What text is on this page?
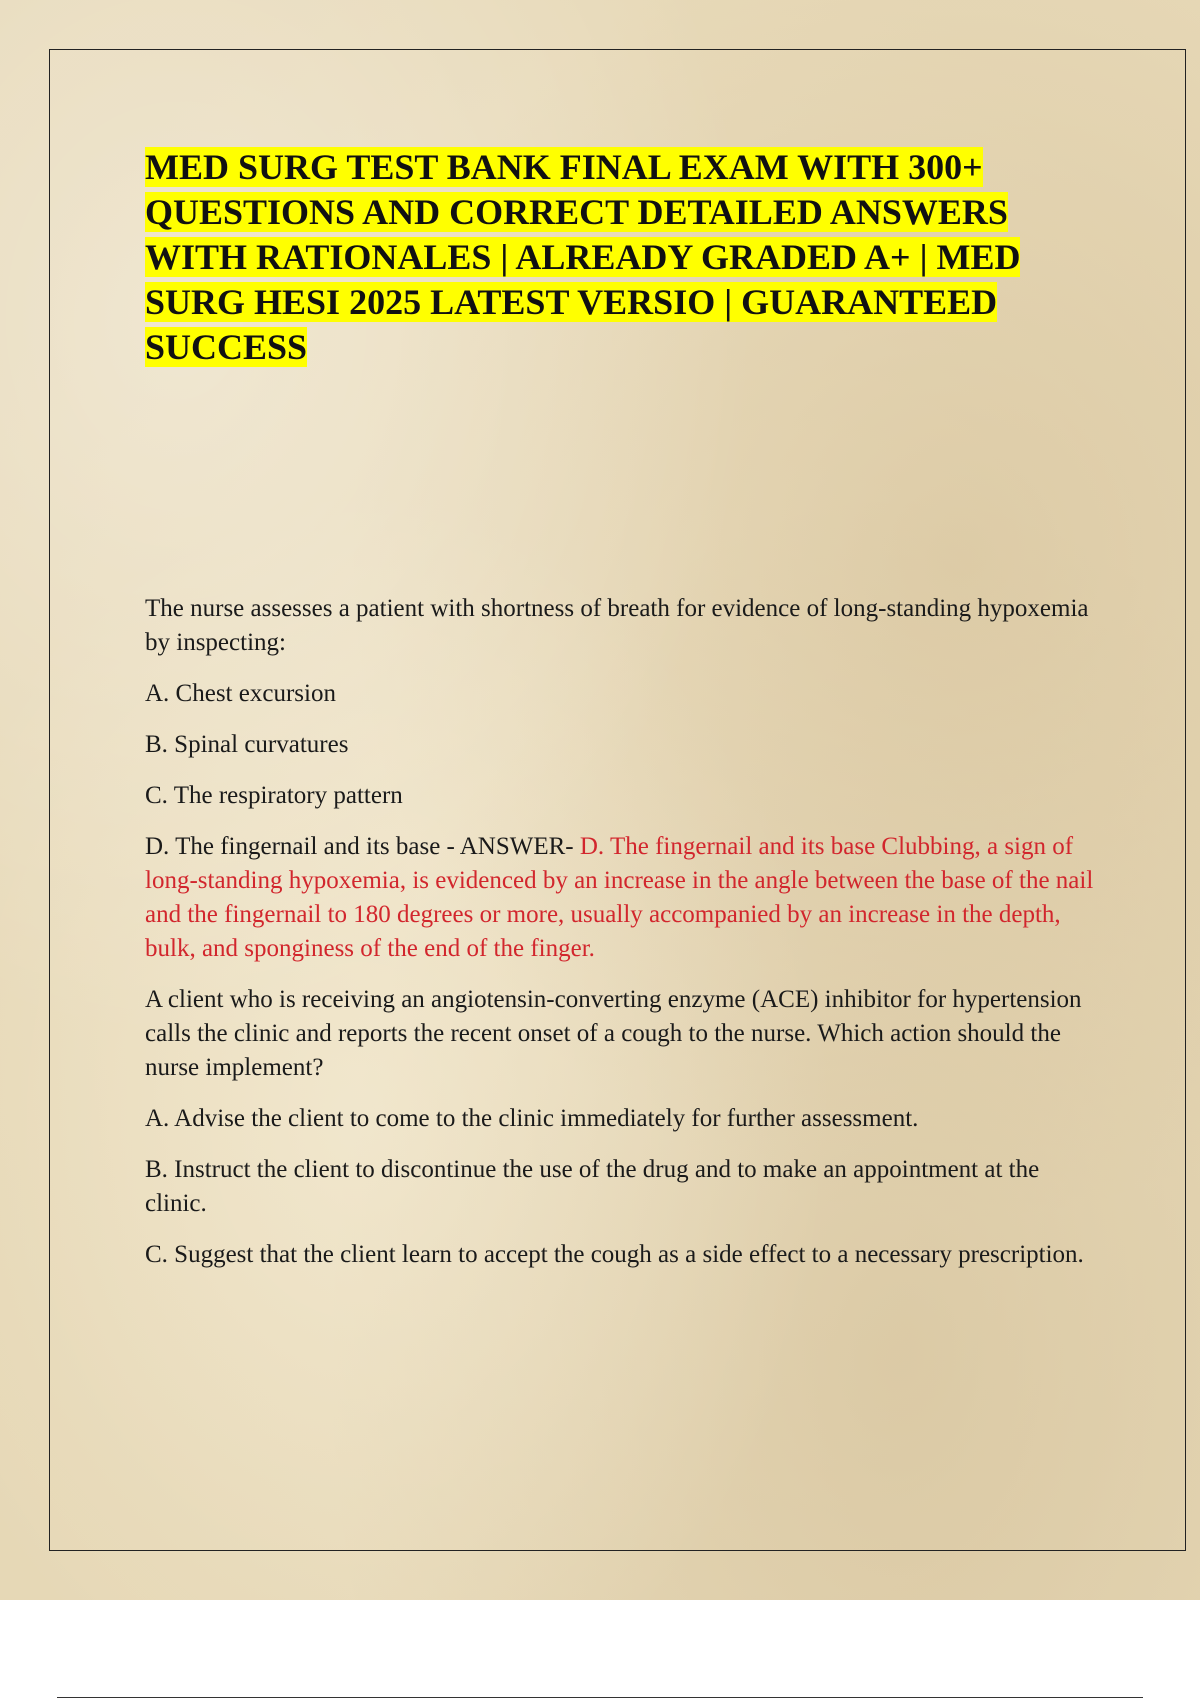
MED SURG TEST BANK FINAL EXAM WITH 300+ QUESTIONS AND CORRECT DETAILED ANSWERS WITH RATIONALES | ALREADY GRADED A+ | MED SURG HESI 2025 LATEST VERSIO | GUARANTEED SUCCESS

The nurse assesses a patient with shortness of breath for evidence of long-standing hypoxemia by inspecting:

A. Chest excursion

B. Spinal curvatures

C. The respiratory pattern

D. The fingernail and its base - ANSWER- D. The fingernail and its base Clubbing, a sign of long-standing hypoxemia, is evidenced by an increase in the angle between the base of the nail and the fingernail to 180 degrees or more, usually accompanied by an increase in the depth, bulk, and sponginess of the end of the finger.

A client who is receiving an angiotensin-converting enzyme (ACE) inhibitor for hypertension calls the clinic and reports the recent onset of a cough to the nurse. Which action should the nurse implement?

A. Advise the client to come to the clinic immediately for further assessment.

B. Instruct the client to discontinue the use of the drug and to make an appointment at the clinic.

C. Suggest that the client learn to accept the cough as a side effect to a necessary prescription.
